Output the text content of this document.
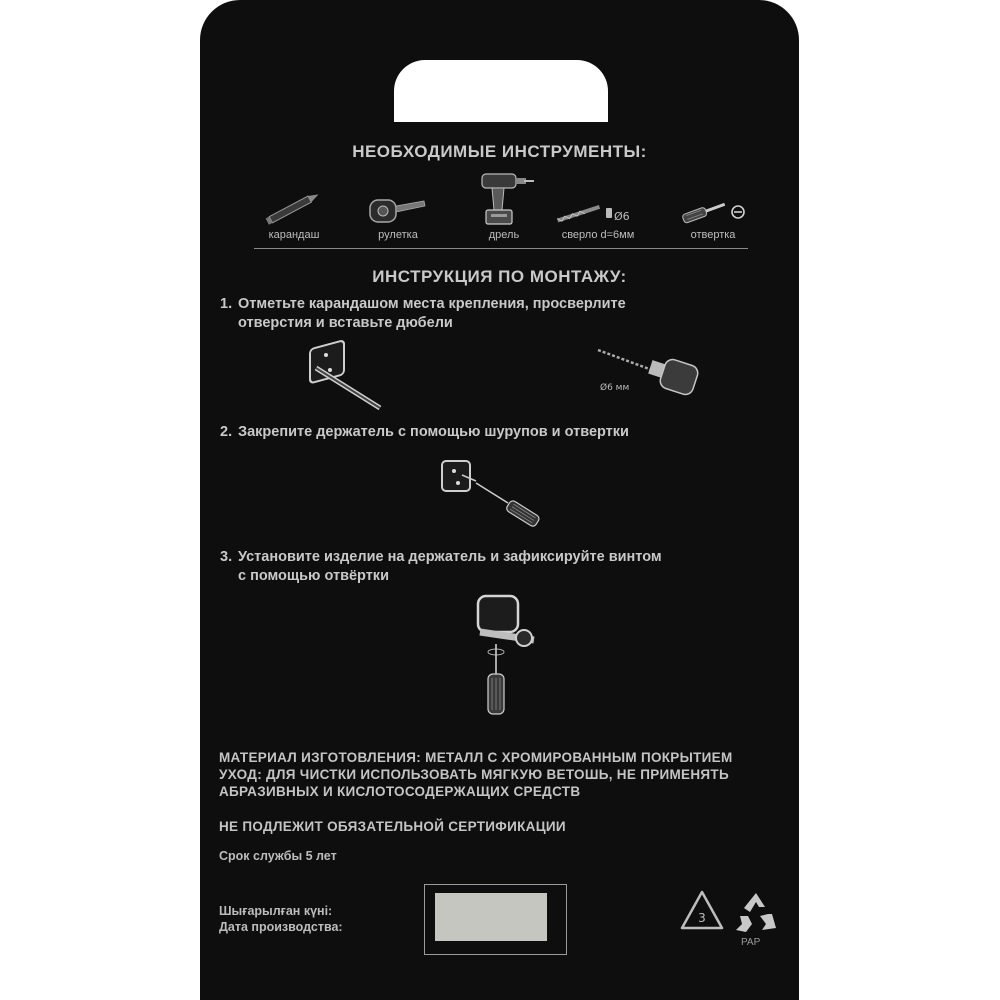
НЕОБХОДИМЫЕ ИНСТРУМЕНТЫ:
карандаш	рулетка	дрель
Ø6
сверло d=6мм	отвертка
ИНСТРУКЦИЯ ПО МОНТАЖУ:
1. Отметьте карандашом места крепления, просверлите
отверстия и вставьте дюбели
Ø6 мм
2. Закрепите держатель с помощью шурупов и отвертки
3. Установите изделие на держатель и зафиксируйте винтом
с помощью отвёртки
МАТЕРИАЛ ИЗГОТОВЛЕНИЯ: МЕТАЛЛ С ХРОМИРОВАННЫМ ПОКРЫТИЕМ
УХОД: ДЛЯ ЧИСТКИ ИСПОЛЬЗОВАТЬ МЯГКУЮ ВЕТОШЬ, НЕ ПРИМЕНЯТЬ
АБРАЗИВНЫХ И КИСЛОТОСОДЕРЖАЩИХ СРЕДСТВ
НЕ ПОДЛЕЖИТ ОБЯЗАТЕЛЬНОЙ СЕРТИФИКАЦИИ
Срок службы 5 лет
Шығарылған күні:
Дата производства:
3
PAP
